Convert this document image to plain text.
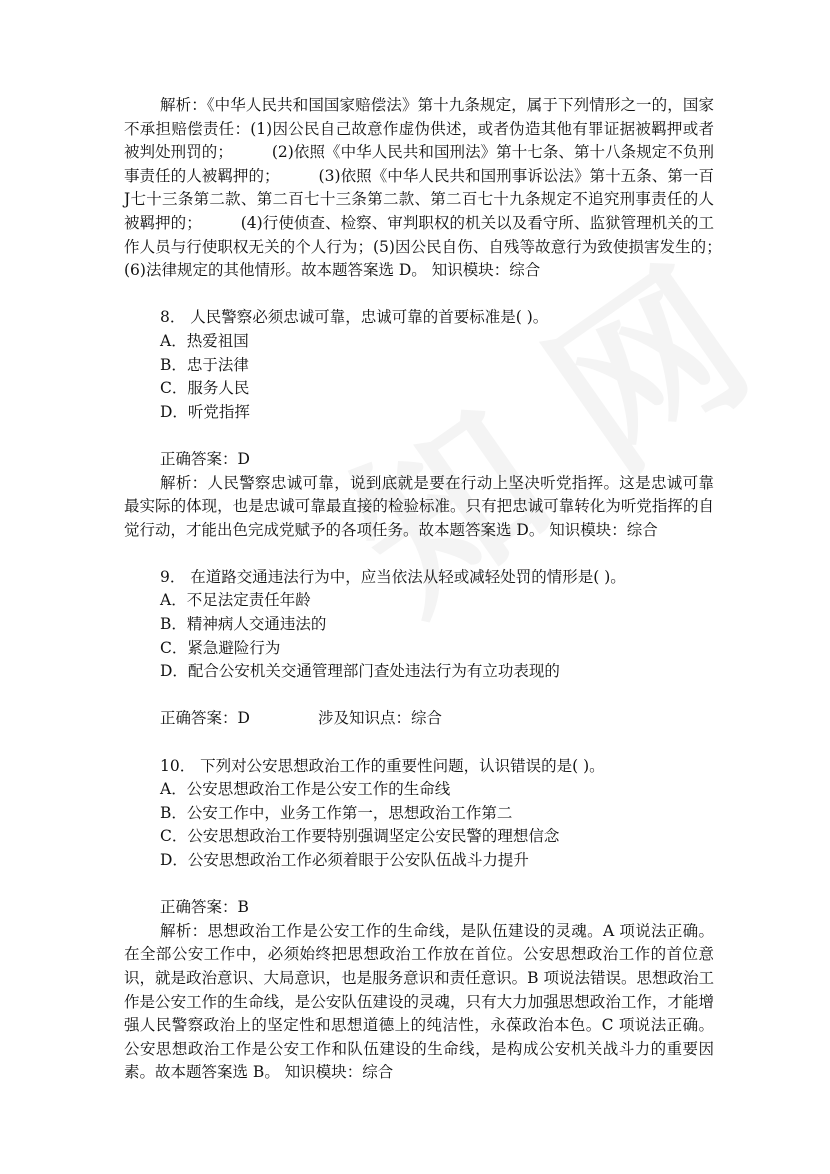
解析：《中华人民共和国国家赔偿法》第十九条规定，属于下列情形之一的，国家不承担赔偿责任：(1)因公民自己故意作虚伪供述，或者伪造其他有罪证据被羁押或者被判处刑罚的；　　　(2)依照《中华人民共和国刑法》第十七条、第十八条规定不负刑事责任的人被羁押的；　　　(3)依照《中华人民共和国刑事诉讼法》第十五条、第一百J七十三条第二款、第二百七十三条第二款、第二百七十九条规定不追究刑事责任的人被羁押的；　　　(4)行使侦查、检察、审判职权的机关以及看守所、监狱管理机关的工作人员与行使职权无关的个人行为；(5)因公民自伤、自残等故意行为致使损害发生的；　　　(6)法律规定的其他情形。故本题答案选 D。 知识模块：综合

8． 人民警察必须忠诚可靠，忠诚可靠的首要标准是( )。

A．热爱祖国

B．忠于法律

C．服务人民

D．听党指挥

正确答案：D

解析：人民警察忠诚可靠，说到底就是要在行动上坚决听党指挥。这是忠诚可靠最实际的体现，也是忠诚可靠最直接的检验标准。只有把忠诚可靠转化为听党指挥的自觉行动，才能出色完成党赋予的各项任务。故本题答案选 D。 知识模块：综合

9． 在道路交通违法行为中，应当依法从轻或减轻处罚的情形是( )。

A．不足法定责任年龄

B．精神病人交通违法的

C．紧急避险行为

D．配合公安机关交通管理部门查处违法行为有立功表现的

正确答案：D	涉及知识点：综合

10． 下列对公安思想政治工作的重要性问题，认识错误的是( )。

A．公安思想政治工作是公安工作的生命线

B．公安工作中，业务工作第一，思想政治工作第二

C．公安思想政治工作要特别强调坚定公安民警的理想信念

D．公安思想政治工作必须着眼于公安队伍战斗力提升

正确答案：B

解析：思想政治工作是公安工作的生命线，是队伍建设的灵魂。A 项说法正确。在全部公安工作中，必须始终把思想政治工作放在首位。公安思想政治工作的首位意识，就是政治意识、大局意识，也是服务意识和责任意识。B 项说法错误。思想政治工作是公安工作的生命线，是公安队伍建设的灵魂，只有大力加强思想政治工作，才能增强人民警察政治上的坚定性和思想道德上的纯洁性，永葆政治本色。C 项说法正确。公安思想政治工作是公安工作和队伍建设的生命线，是构成公安机关战斗力的重要因素。故本题答案选 B。 知识模块：综合
